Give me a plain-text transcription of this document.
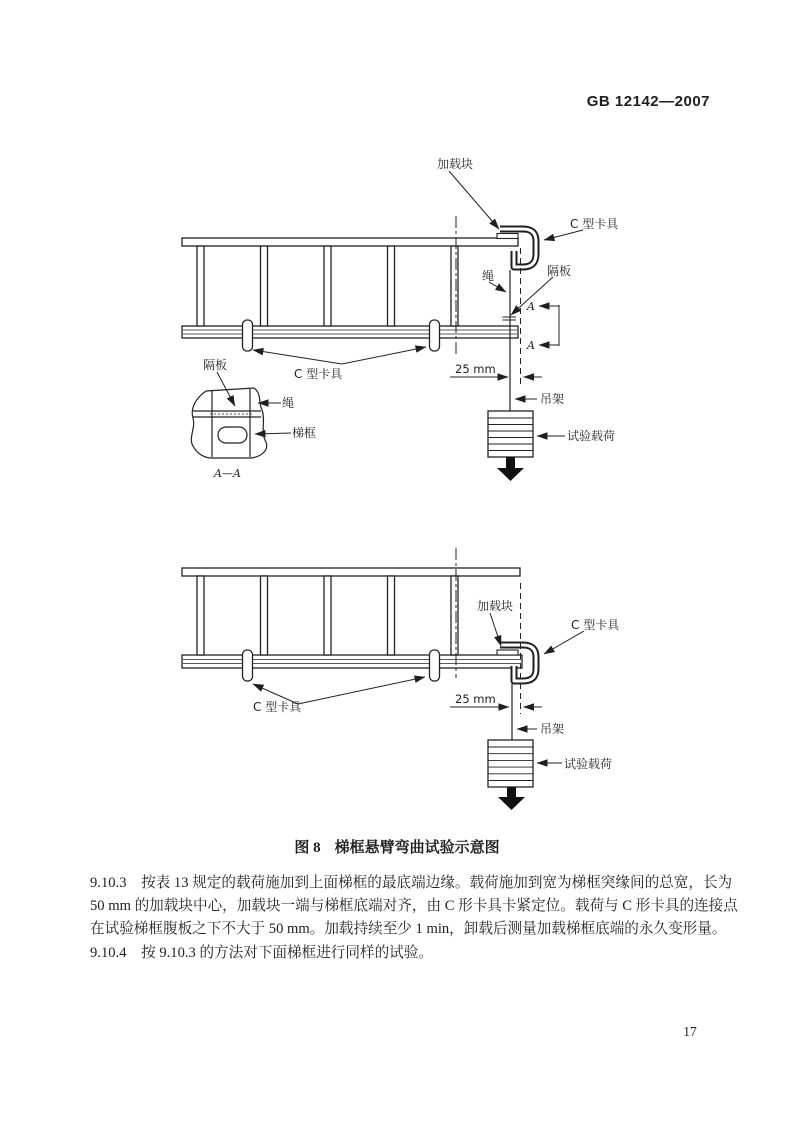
GB 12142—2007
加载块
C 型卡具
绳	隔板
A
A
25 mm
C 型卡具
吊架
试验载荷
隔板
绳
梯框
A—A
加载块
C 型卡具
C 型卡具
25 mm
吊架
试验载荷
图 8 梯框悬臂弯曲试验示意图
9.10.3　按表 13 规定的载荷施加到上面梯框的最底端边缘。载荷施加到宽为梯框突缘间的总宽，长为
50 mm 的加载块中心，加载块一端与梯框底端对齐，由 C 形卡具卡紧定位。载荷与 C 形卡具的连接点
在试验梯框腹板之下不大于 50 mm。加载持续至少 1 min，卸载后测量加载梯框底端的永久变形量。
9.10.4　按 9.10.3 的方法对下面梯框进行同样的试验。
17
